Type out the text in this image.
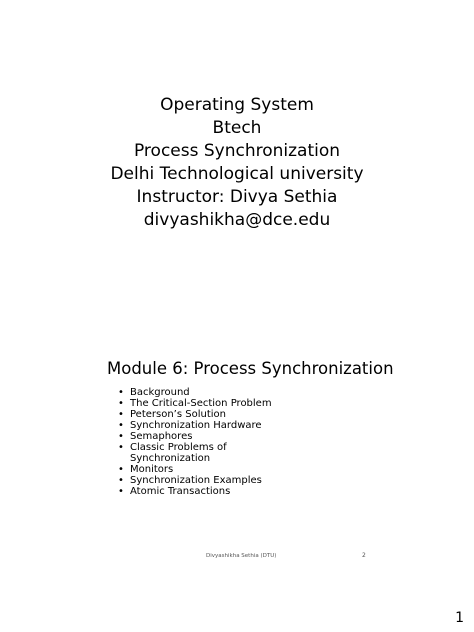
Operating System
Btech
Process Synchronization
Delhi Technological university
Instructor: Divya Sethia
divyashikha@dce.edu
Module 6: Process Synchronization
• Background
• The Critical-Section Problem
• Peterson’s Solution
• Synchronization Hardware
• Semaphores
• Classic Problems of
Synchronization
• Monitors
• Synchronization Examples
• Atomic Transactions
Divyashikha Sethia (DTU)	2
1
